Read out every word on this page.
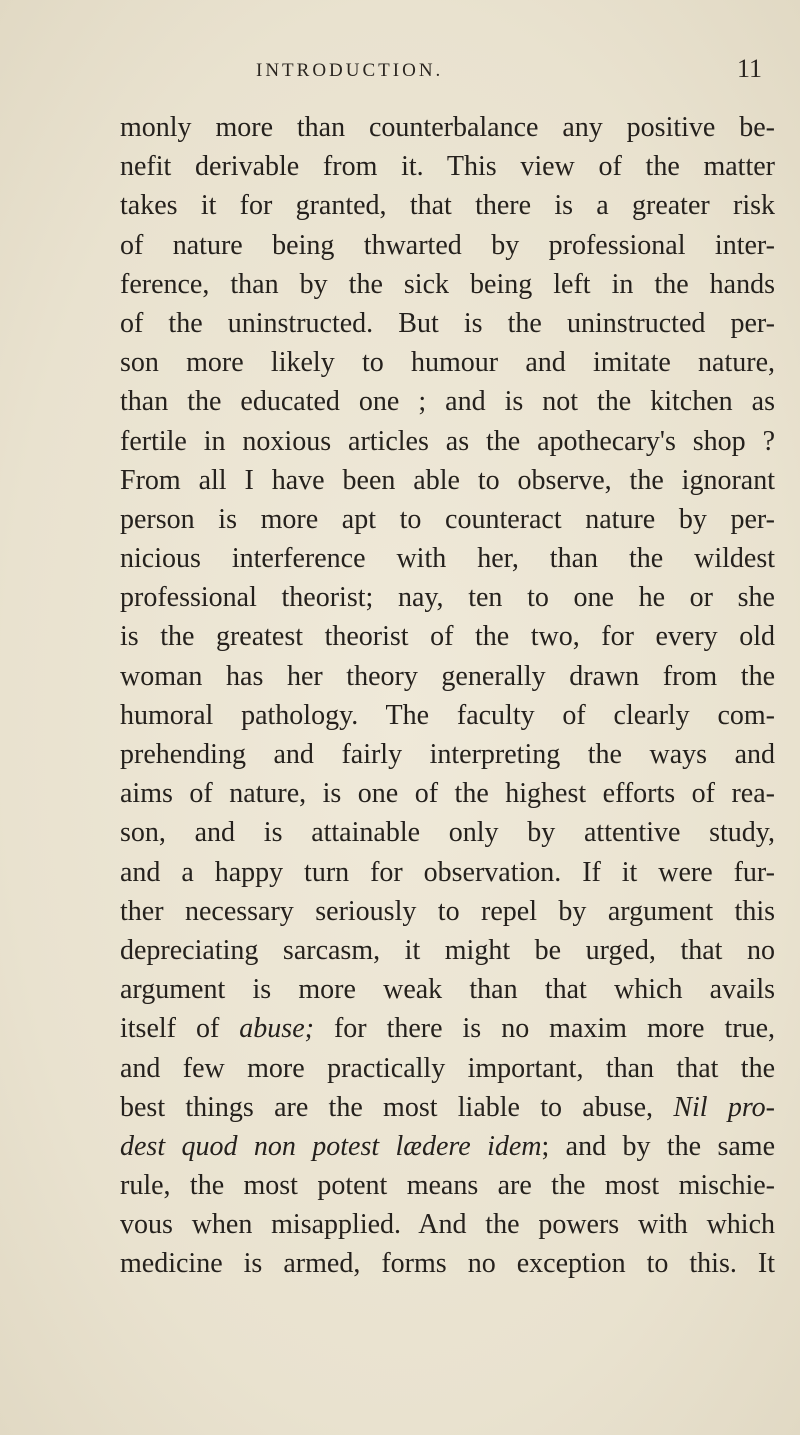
INTRODUCTION.	11
monly more than counterbalance any positive be-
nefit derivable from it. This view of the matter
takes it for granted, that there is a greater risk
of nature being thwarted by professional inter-
ference, than by the sick being left in the hands
of the uninstructed. But is the uninstructed per-
son more likely to humour and imitate nature,
than the educated one ; and is not the kitchen as
fertile in noxious articles as the apothecary's shop ?
From all I have been able to observe, the ignorant
person is more apt to counteract nature by per-
nicious interference with her, than the wildest
professional theorist; nay, ten to one he or she
is the greatest theorist of the two, for every old
woman has her theory generally drawn from the
humoral pathology. The faculty of clearly com-
prehending and fairly interpreting the ways and
aims of nature, is one of the highest efforts of rea-
son, and is attainable only by attentive study,
and a happy turn for observation. If it were fur-
ther necessary seriously to repel by argument this
depreciating sarcasm, it might be urged, that no
argument is more weak than that which avails
itself of abuse; for there is no maxim more true,
and few more practically important, than that the
best things are the most liable to abuse, Nil pro-
dest quod non potest lædere idem; and by the same
rule, the most potent means are the most mischie-
vous when misapplied. And the powers with which
medicine is armed, forms no exception to this. It
